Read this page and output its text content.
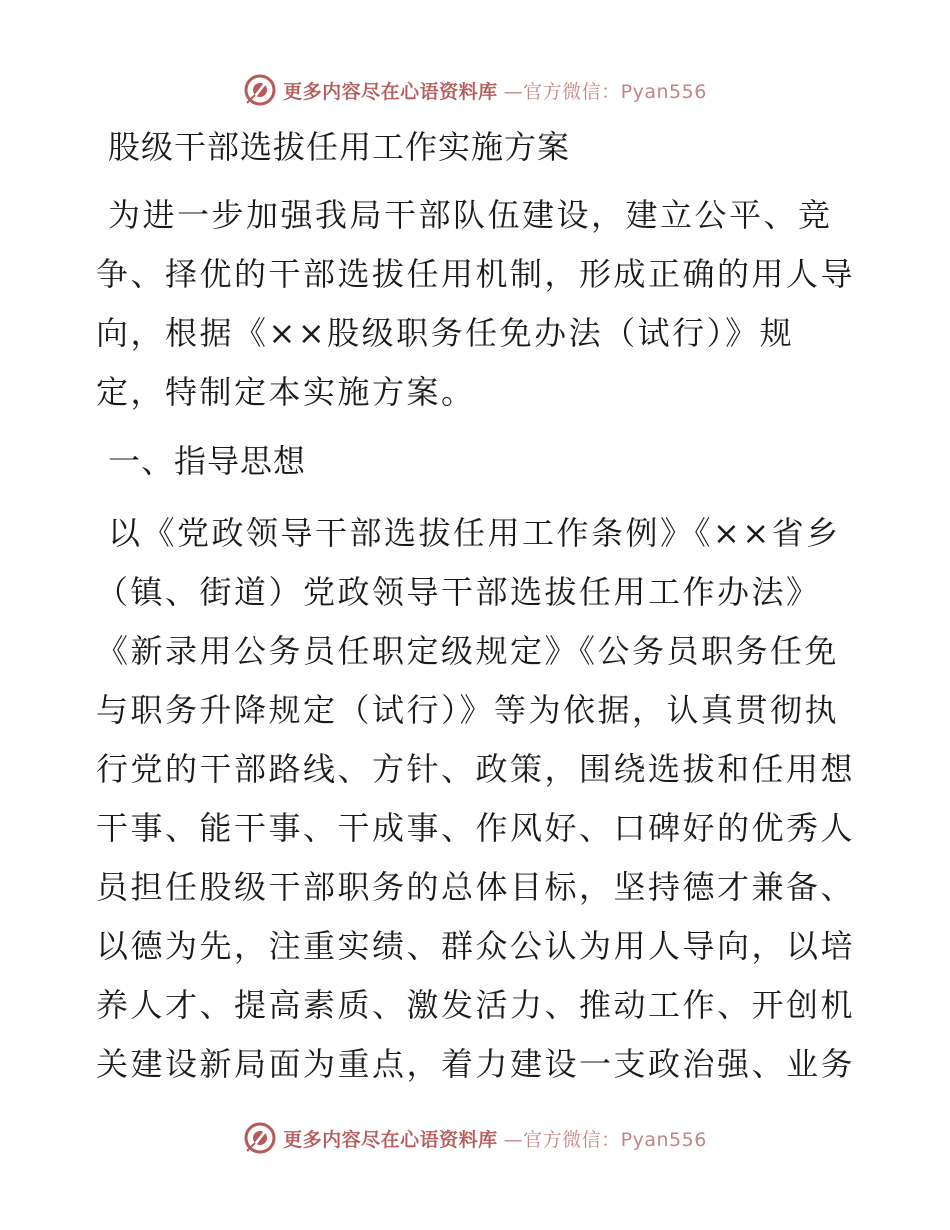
更多内容尽在心语资料库 —官方微信：Pyan556
股级干部选拔任用工作实施方案

为进一步加强我局干部队伍建设，建立公平、竞争、择优的干部选拔任用机制，形成正确的用人导向，根据《××股级职务任免办法（试行）》规定，特制定本实施方案。

一、指导思想

以《党政领导干部选拔任用工作条例》《××省乡（镇、街道）党政领导干部选拔任用工作办法》《新录用公务员任职定级规定》《公务员职务任免与职务升降规定（试行）》等为依据，认真贯彻执行党的干部路线、方针、政策，围绕选拔和任用想干事、能干事、干成事、作风好、口碑好的优秀人员担任股级干部职务的总体目标，坚持德才兼备、以德为先，注重实绩、群众公认为用人导向，以培养人才、提高素质、激发活力、推动工作、开创机关建设新局面为重点，着力建设一支政治强、业务

更多内容尽在心语资料库 —官方微信：Pyan556
